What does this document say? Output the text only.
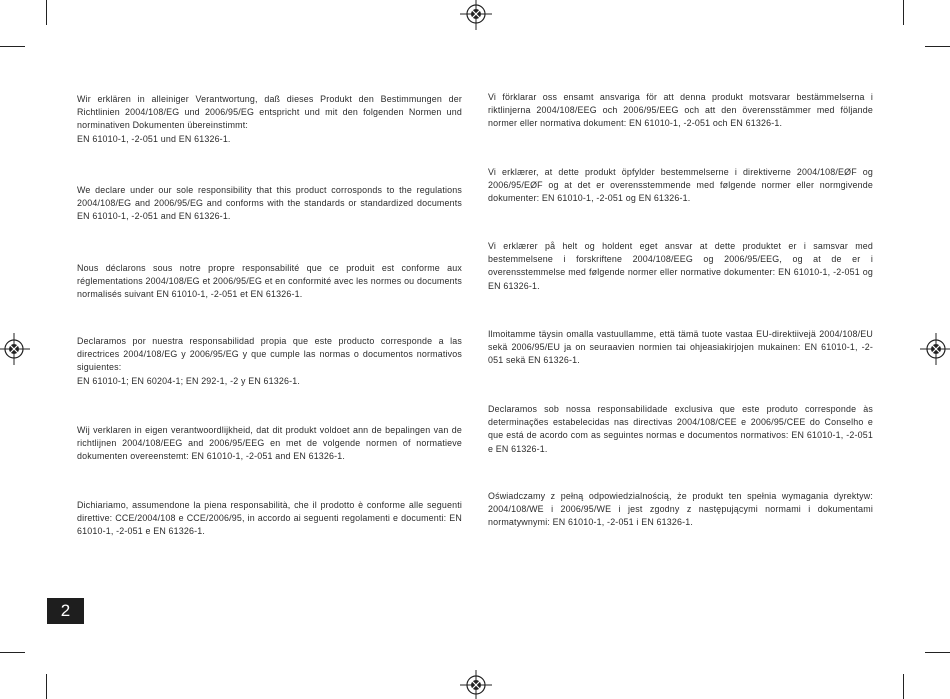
Wir erklären in alleiniger Verantwortung, daß dieses Produkt den Bestimmungen der Richtlinien 2004/108/EG und 2006/95/EG entspricht und mit den folgenden Normen und norminativen Dokumenten übereinstimmt:
EN 61010-1, -2-051 und EN 61326-1.

We declare under our sole responsibility that this product corrosponds to the regulations 2004/108/EG and 2006/95/EG and conforms with the standards or standardized documents EN 61010-1, -2-051 and EN 61326-1.

Nous déclarons sous notre propre responsabilité que ce produit est conforme aux réglementations 2004/108/EG et 2006/95/EG et en conformité avec les normes ou documents normalisés suivant EN 61010-1, -2-051 et EN 61326-1.

Declaramos por nuestra responsabilidad propia que este producto corresponde a las directrices 2004/108/EG y 2006/95/EG y que cumple las normas o documentos normativos siguientes:
EN 61010-1; EN 60204-1; EN 292-1, -2 y EN 61326-1.

Wij verklaren in eigen verantwoordlijkheid, dat dit produkt voldoet ann de bepalingen van de richtlijnen 2004/108/EEG and 2006/95/EEG en met de volgende normen of normatieve dokumenten overeenstemt: EN 61010-1, -2-051 and EN 61326-1.

Dichiariamo, assumendone la piena responsabilità, che il prodotto è conforme alle seguenti direttive: CCE/2004/108 e CCE/2006/95, in accordo ai seguenti regolamenti e documenti: EN 61010-1, -2-051 e EN 61326-1.

Vi förklarar oss ensamt ansvariga för att denna produkt motsvarar bestämmelserna i riktlinjerna 2004/108/EEG och 2006/95/EEG och att den överensstämmer med följande normer eller normativa dokument: EN 61010-1, -2-051 och EN 61326-1.

Vi erklærer, at dette produkt öpfylder bestemmelserne i direktiverne 2004/108/EØF og 2006/95/EØF og at det er overensstemmende med følgende normer eller normgivende dokumenter: EN 61010-1, -2-051 og EN 61326-1.

Vi erklærer på helt og holdent eget ansvar at dette produktet er i samsvar med bestemmelsene i forskriftene 2004/108/EEG og 2006/95/EEG, og at de er i overensstemmelse med følgende normer eller normative dokumenter: EN 61010-1, -2-051 og EN 61326-1.

Ilmoitamme täysin omalla vastuullamme, että tämä tuote vastaa EU-direktiivejä 2004/108/EU sekä 2006/95/EU ja on seuraavien normien tai ohjeasiakirjojen mukainen: EN 61010-1, -2-051 sekä EN 61326-1.

Declaramos sob nossa responsabilidade exclusiva que este produto corresponde às determinações estabelecidas nas directivas 2004/108/CEE e 2006/95/CEE do Conselho e que está de acordo com as seguintes normas e documentos normativos: EN 61010-1, -2-051 e EN 61326-1.

Oświadczamy z pełną odpowiedzialnością, że produkt ten spełnia wymagania dyrektyw: 2004/108/WE i 2006/95/WE i jest zgodny z następującymi normami i dokumentami normatywnymi: EN 61010-1, -2-051 i EN 61326-1.

2
